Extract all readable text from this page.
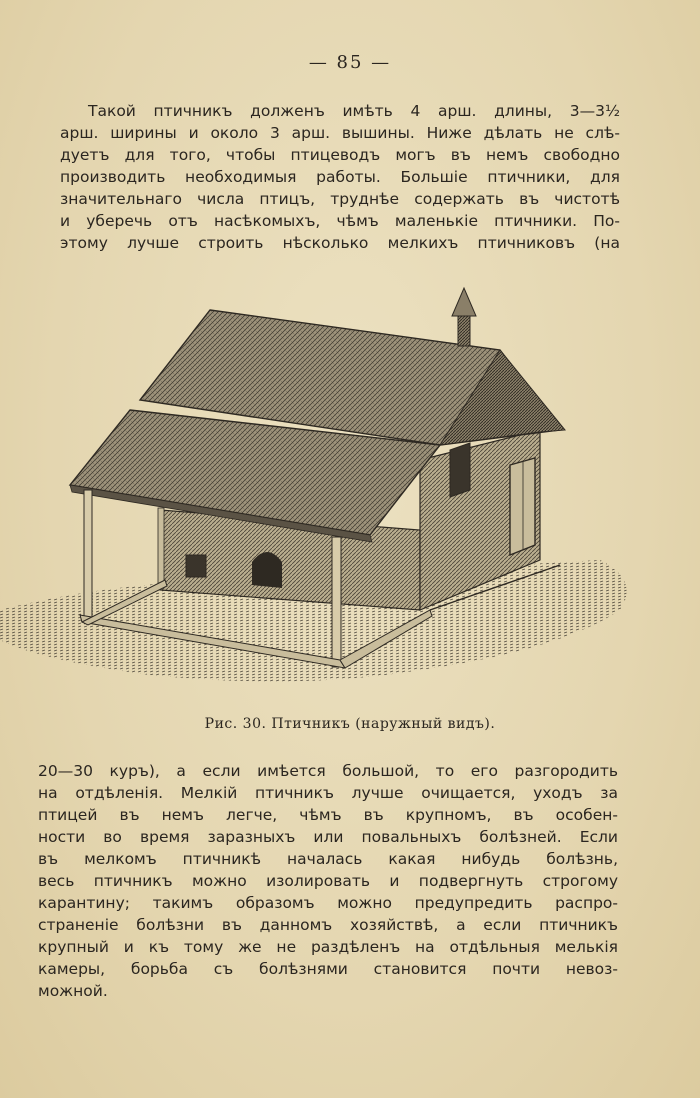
— 85 —
Такой птичникъ долженъ имѣть 4 арш. длины, 3—3½
арш. ширины и около 3 арш. вышины. Ниже дѣлать не слѣ-
дуетъ для того, чтобы птицеводъ могъ въ немъ свободно
производить необходимыя работы. Большіе птичники, для
значительнаго числа птицъ, труднѣе содержать въ чистотѣ
и уберечь отъ насѣкомыхъ, чѣмъ маленькіе птичники. По-
этому лучше строить нѣсколько мелкихъ птичниковъ (на
Рис. 30. Птичникъ (наружный видъ).
20—30 куръ), а если имѣется большой, то его разгородить
на отдѣленія. Мелкій птичникъ лучше очищается, уходъ за
птицей въ немъ легче, чѣмъ въ крупномъ, въ особен-
ности во время заразныхъ или повальныхъ болѣзней. Если
въ мелкомъ птичникѣ началась какая нибудь болѣзнь,
весь птичникъ можно изолировать и подвергнуть строгому
карантину; такимъ образомъ можно предупредить распро-
страненіе болѣзни въ данномъ хозяйствѣ, а если птичникъ
крупный и къ тому же не раздѣленъ на отдѣльныя мелькія
камеры, борьба съ болѣзнями становится почти невоз-
можной.
